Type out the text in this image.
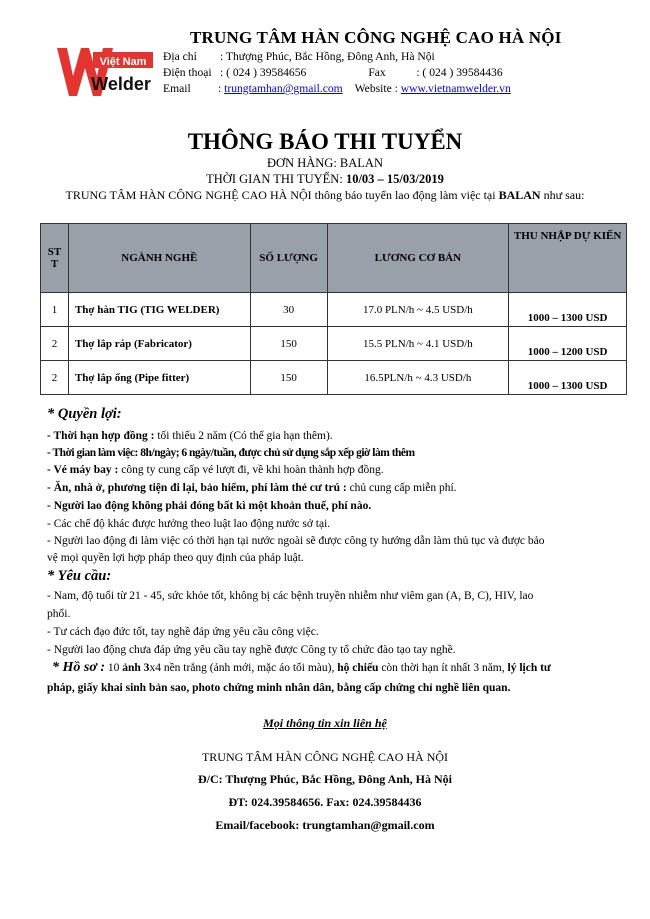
TRUNG TÂM HÀN CÔNG NGHỆ CAO HÀ NỘI
Việt Nam
Welder
Địa chỉ : Thượng Phúc, Bắc Hồng, Đông Anh, Hà Nội
Điện thoại : ( 024 ) 39584656	Fax	: ( 024 ) 39584436
Email : trungtamhan@gmail.com Website : www.vietnamwelder.vn
THÔNG BÁO THI TUYỂN
ĐƠN HÀNG: BALAN
THỜI GIAN THI TUYỂN: 10/03 – 15/03/2019
TRUNG TÂM HÀN CÔNG NGHỆ CAO HÀ NỘI thông báo tuyển lao động làm việc tại BALAN như sau:
ST T	NGÀNH NGHỀ	SỐ LƯỢNG	LƯƠNG CƠ BẢN	THU NHẬP DỰ KIẾN
1	Thợ hàn TIG (TIG WELDER)	30	17.0 PLN/h ~ 4.5 USD/h	1000 – 1300 USD
2	Thợ lắp ráp (Fabricator)	150	15.5 PLN/h ~ 4.1 USD/h	1000 – 1200 USD
2	Thợ lắp ống (Pipe fitter)	150	16.5PLN/h ~ 4.3 USD/h	1000 – 1300 USD
* Quyền lợi:
- Thời hạn hợp đồng : tối thiểu 2 năm (Có thể gia hạn thêm).
- Thời gian làm việc: 8h/ngày; 6 ngày/tuần, được chủ sử dụng sắp xếp giờ làm thêm
- Vé máy bay : công ty cung cấp vé lượt đi, về khi hoàn thành hợp đồng.
- Ăn, nhà ở, phương tiện đi lại, bảo hiểm, phí làm thẻ cư trú : chủ cung cấp miễn phí.
- Người lao động không phải đóng bất kì một khoản thuế, phí nào.
- Các chế độ khác được hưởng theo luật lao động nước sở tại.
- Người lao động đi làm việc có thời hạn tại nước ngoài sẽ được công ty hướng dẫn làm thủ tục và được bảo
vệ mọi quyền lợi hợp pháp theo quy định của pháp luật.
* Yêu cầu:
- Nam, độ tuổi từ 21 - 45, sức khỏe tốt, không bị các bệnh truyền nhiễm như viêm gan (A, B, C), HIV, lao
phổi.
- Tư cách đạo đức tốt, tay nghề đáp ứng yêu cầu công việc.
- Người lao động chưa đáp ứng yêu cầu tay nghề được Công ty tổ chức đào tạo tay nghề.
* Hồ sơ : 10 ảnh 3x4 nền trắng (ảnh mới, mặc áo tối màu), hộ chiếu còn thời hạn ít nhất 3 năm, lý lịch tư
pháp, giấy khai sinh bản sao, photo chứng minh nhân dân, bằng cấp chứng chỉ nghề liên quan.
Mọi thông tin xin liên hệ
TRUNG TÂM HÀN CÔNG NGHỆ CAO HÀ NỘI
Đ/C: Thượng Phúc, Bắc Hồng, Đông Anh, Hà Nội
ĐT: 024.39584656. Fax: 024.39584436
Email/facebook: trungtamhan@gmail.com
